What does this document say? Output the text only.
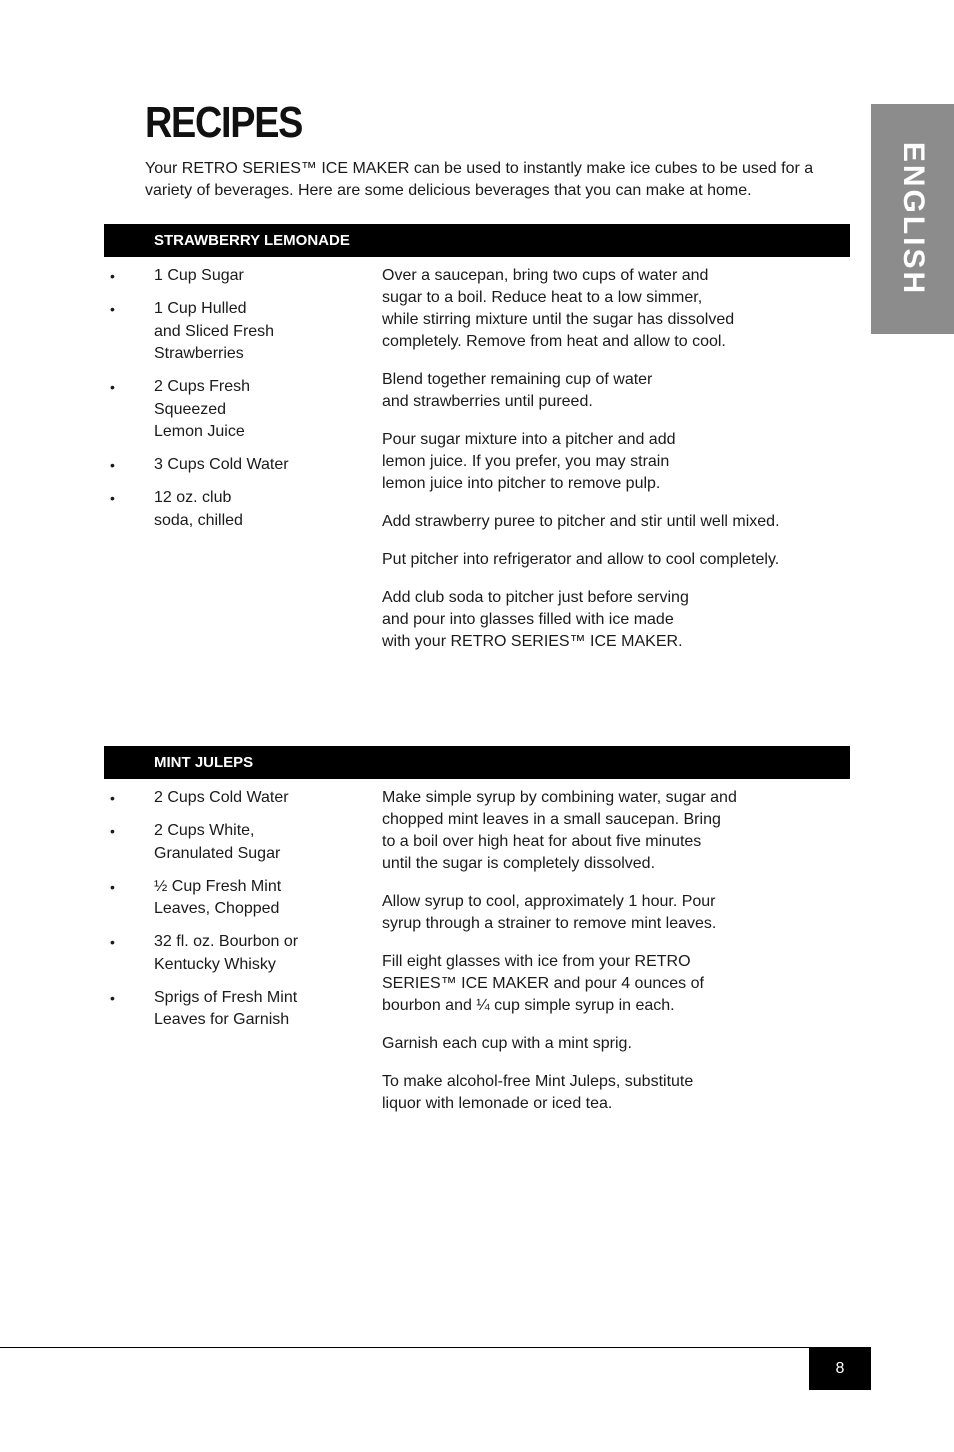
RECIPES

Your RETRO SERIES™ ICE MAKER can be used to instantly make ice cubes to be used for a
variety of beverages. Here are some delicious beverages that you can make at home.	ENGLISH
STRAWBERRY LEMONADE
• 1 Cup Sugar
• 1 Cup Hulled
and Sliced Fresh
Strawberries
• 2 Cups Fresh
Squeezed
Lemon Juice
• 3 Cups Cold Water
• 12 oz. club
soda, chilled

Over a saucepan, bring two cups of water and
sugar to a boil. Reduce heat to a low simmer,
while stirring mixture until the sugar has dissolved
completely. Remove from heat and allow to cool.

Blend together remaining cup of water
and strawberries until pureed.

Pour sugar mixture into a pitcher and add
lemon juice. If you prefer, you may strain
lemon juice into pitcher to remove pulp.

Add strawberry puree to pitcher and stir until well mixed.

Put pitcher into refrigerator and allow to cool completely.

Add club soda to pitcher just before serving
and pour into glasses filled with ice made
with your RETRO SERIES™ ICE MAKER.

MINT JULEPS
• 2 Cups Cold Water
• 2 Cups White,
Granulated Sugar
• ½ Cup Fresh Mint
Leaves, Chopped
• 32 fl. oz. Bourbon or
Kentucky Whisky
• Sprigs of Fresh Mint
Leaves for Garnish

Make simple syrup by combining water, sugar and
chopped mint leaves in a small saucepan. Bring
to a boil over high heat for about five minutes
until the sugar is completely dissolved.

Allow syrup to cool, approximately 1 hour. Pour
syrup through a strainer to remove mint leaves.

Fill eight glasses with ice from your RETRO
SERIES™ ICE MAKER and pour 4 ounces of
bourbon and ¼ cup simple syrup in each.

Garnish each cup with a mint sprig.

To make alcohol-free Mint Juleps, substitute
liquor with lemonade or iced tea.

8
